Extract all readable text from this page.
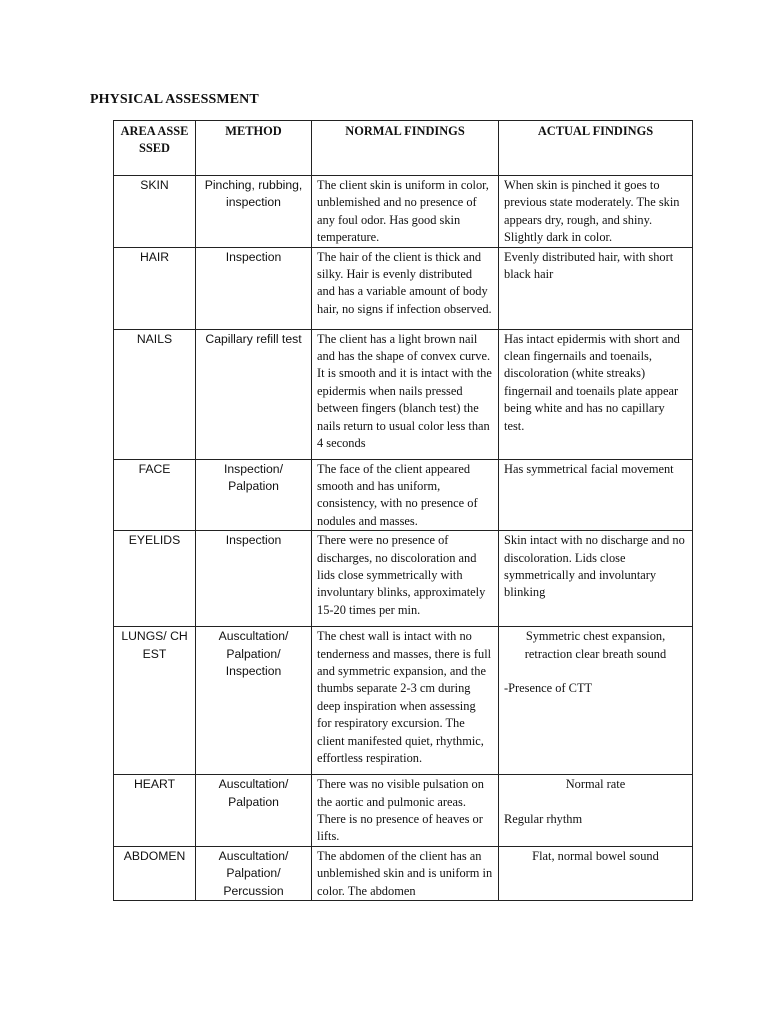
PHYSICAL ASSESSMENT
AREA ASSESSED	METHOD	NORMAL FINDINGS	ACTUAL FINDINGS
SKIN	Pinching, rubbing, inspection	The client skin is uniform in color, unblemished and no presence of any foul odor. Has good skin temperature.	When skin is pinched it goes to previous state moderately. The skin appears dry, rough, and shiny. Slightly dark in color.
HAIR	Inspection	The hair of the client is thick and silky. Hair is evenly distributed and has a variable amount of body hair, no signs if infection observed.	Evenly distributed hair, with short black hair
NAILS	Capillary refill test	The client has a light brown nail and has the shape of convex curve. It is smooth and it is intact with the epidermis when nails pressed between fingers (blanch test) the nails return to usual color less than 4 seconds	Has intact epidermis with short and clean fingernails and toenails, discoloration (white streaks) fingernail and toenails plate appear being white and has no capillary test.
FACE	Inspection/ Palpation	The face of the client appeared smooth and has uniform, consistency, with no presence of nodules and masses.	Has symmetrical facial movement
EYELIDS	Inspection	There were no presence of discharges, no discoloration and lids close symmetrically with involuntary blinks, approximately 15-20 times per min.	Skin intact with no discharge and no discoloration. Lids close symmetrically and involuntary blinking
LUNGS/ CHEST	Auscultation/ Palpation/ Inspection	The chest wall is intact with no tenderness and masses, there is full and symmetric expansion, and the thumbs separate 2-3 cm during deep inspiration when assessing for respiratory excursion. The client manifested quiet, rhythmic, effortless respiration.	Symmetric chest expansion, retraction clear breath sound
-Presence of CTT
HEART	Auscultation/ Palpation	There was no visible pulsation on the aortic and pulmonic areas. There is no presence of heaves or lifts.	Normal rate
Regular rhythm
ABDOMEN	Auscultation/ Palpation/ Percussion	The abdomen of the client has an unblemished skin and is uniform in color. The abdomen	Flat, normal bowel sound
